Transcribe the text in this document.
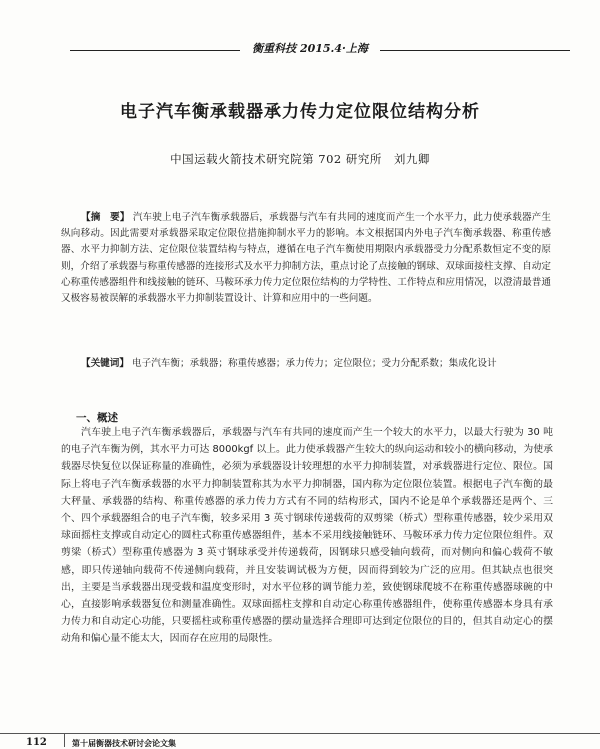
衡重科技 2015.4·上海
电子汽车衡承载器承力传力定位限位结构分析
中国运载火箭技术研究院第 702 研究所　刘九卿
【摘　要】 汽车驶上电子汽车衡承载器后，承载器与汽车有共同的速度而产生一个水平力，此力使承载器产生纵向移动。因此需要对承载器采取定位限位措施抑制水平力的影响。本文根据国内外电子汽车衡承载器、称重传感器、水平力抑制方法、定位限位装置结构与特点，遵循在电子汽车衡使用期限内承载器受力分配系数恒定不变的原则，介绍了承载器与称重传感器的连接形式及水平力抑制方法，重点讨论了点接触的钢球、双球面接柱支撑、自动定心称重传感器组件和线接触的链环、马鞍环承力传力定位限位结构的力学特性、工作特点和应用情况，以澄清最普通又极容易被误解的承载器水平力抑制装置设计、计算和应用中的一些问题。
【关键词】 电子汽车衡；承载器；称重传感器；承力传力；定位限位；受力分配系数；集成化设计
一、概述
汽车驶上电子汽车衡承载器后，承载器与汽车有共同的速度而产生一个较大的水平力，以最大行驶为 30 吨的电子汽车衡为例，其水平力可达 8000kgf 以上。此力使承载器产生较大的纵向运动和较小的横向移动，为使承载器尽快复位以保证称量的准确性，必须为承载器设计较理想的水平力抑制装置，对承载器进行定位、限位。国际上将电子汽车衡承载器的水平力抑制装置称其为水平力抑制器，国内称为定位限位装置。根据电子汽车衡的最大秤量、承载器的结构、称重传感器的承力传力方式有不同的结构形式，国内不论是单个承载器还是两个、三个、四个承载器组合的电子汽车衡，较多采用 3 英寸钢球传递载荷的双剪梁（桥式）型称重传感器，较少采用双球面摇柱支撑或自动定心的圆柱式称重传感器组件，基本不采用线接触链环、马鞍环承力传力定位限位组件。双剪梁（桥式）型称重传感器为 3 英寸钢球承受并传递载荷，因钢球只感受轴向载荷，而对侧向和偏心载荷不敏感，即只传递轴向载荷不传递侧向载荷，并且安装调试极为方便，因而得到较为广泛的应用。但其缺点也很突出，主要是当承载器出现受载和温度变形时，对水平位移的调节能力差，致使钢球爬坡不在称重传感器球碗的中心，直接影响承载器复位和测量准确性。双球面摇柱支撑和自动定心称重传感器组件，使称重传感器本身具有承力传力和自动定心功能，只要摇柱或称重传感器的摆动量选择合理即可达到定位限位的目的，但其自动定心的摆动角和偏心量不能太大，因而存在应用的局限性。
112	第十届衡器技术研讨会论文集
